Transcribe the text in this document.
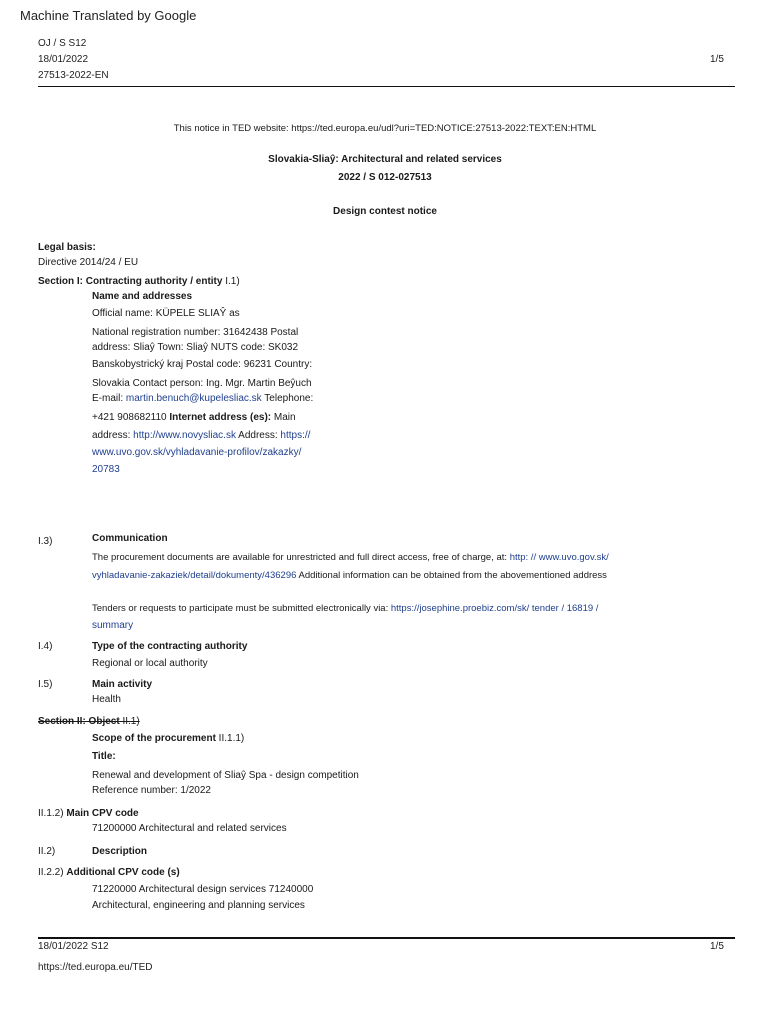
Machine Translated by Google
OJ / S S12
18/01/2022
27513-2022-EN
1/5
This notice in TED website: https://ted.europa.eu/udl?uri=TED:NOTICE:27513-2022:TEXT:EN:HTML
Slovakia-Sliaŷ: Architectural and related services
2022 / S 012-027513
Design contest notice
Legal basis:
Directive 2014/24 / EU
Section I: Contracting authority / entity I.1)
Name and addresses
Official name: KÜPELE SLIAŶ as
National registration number: 31642438 Postal
address: Sliaŷ Town: Sliaŷ NUTS code: SK032
Banskobystrický kraj Postal code: 96231 Country:
Slovakia Contact person: Ing. Mgr. Martin Beŷuch
E-mail: martin.benuch@kupelesliac.sk Telephone:
+421 908682110 Internet address (es): Main
address: http://www.novysliac.sk Address: https://
www.uvo.gov.sk/vyhladavanie-profilov/zakazky/
20783
I.3)	Communication
The procurement documents are available for unrestricted and full direct access, free of charge, at: http: // www.uvo.gov.sk/
vyhladavanie-zakaziek/detail/dokumenty/436296 Additional information can be obtained from the abovementioned address
Tenders or requests to participate must be submitted electronically via: https://josephine.proebiz.com/sk/ tender / 16819 /
summary
I.4)	Type of the contracting authority
Regional or local authority
I.5)	Main activity
Health
Section II: Object II.1)
Scope of the procurement II.1.1)
Title:
Renewal and development of Sliaŷ Spa - design competition
Reference number: 1/2022
II.1.2) Main CPV code
71200000 Architectural and related services
II.2)	Description
II.2.2) Additional CPV code (s)
71220000 Architectural design services 71240000
Architectural, engineering and planning services
18/01/2022 S12	1/5
https://ted.europa.eu/TED
